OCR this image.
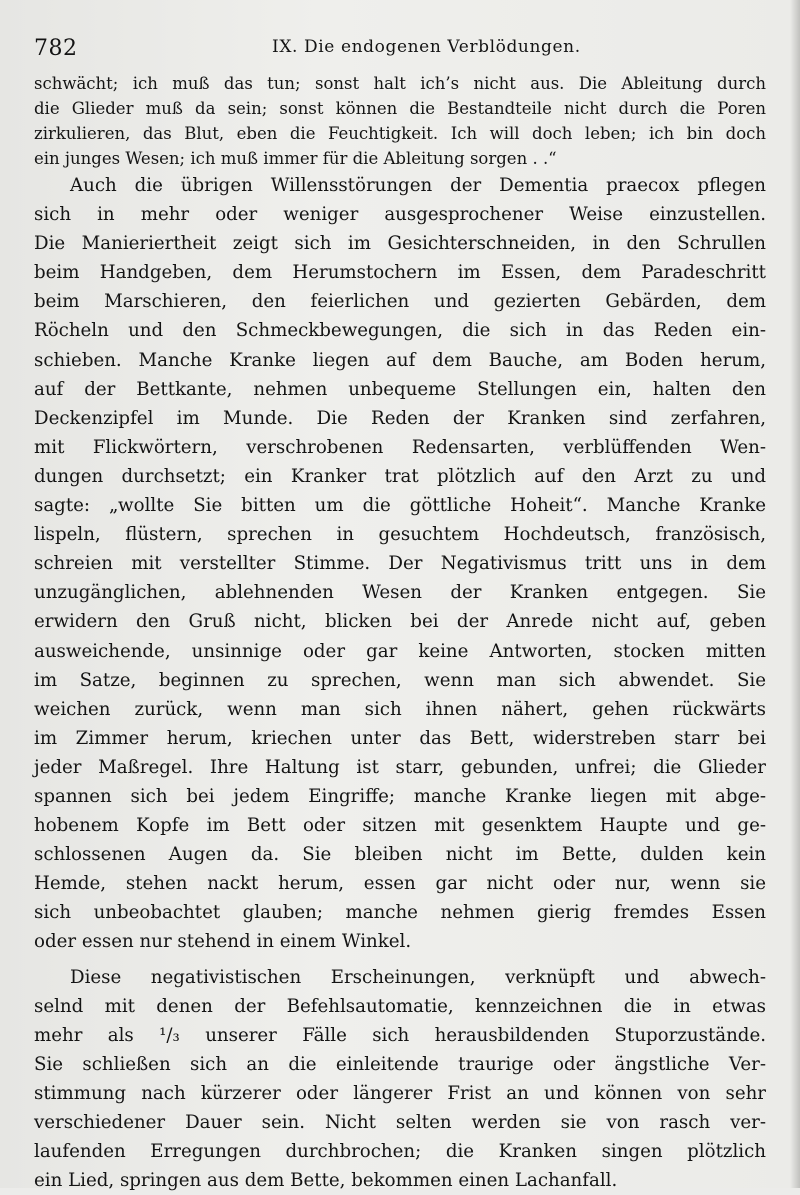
782	IX. Die endogenen Verblödungen.
schwächt; ich muß das tun; sonst halt ich’s nicht aus. Die Ableitung durch
die Glieder muß da sein; sonst können die Bestandteile nicht durch die Poren
zirkulieren, das Blut, eben die Feuchtigkeit. Ich will doch leben; ich bin doch
ein junges Wesen; ich muß immer für die Ableitung sorgen . .“
Auch die übrigen Willensstörungen der Dementia praecox pflegen
sich in mehr oder weniger ausgesprochener Weise einzustellen.
Die Manieriertheit zeigt sich im Gesichterschneiden, in den Schrullen
beim Handgeben, dem Herumstochern im Essen, dem Paradeschritt
beim Marschieren, den feierlichen und gezierten Gebärden, dem
Röcheln und den Schmeckbewegungen, die sich in das Reden ein-
schieben. Manche Kranke liegen auf dem Bauche, am Boden herum,
auf der Bettkante, nehmen unbequeme Stellungen ein, halten den
Deckenzipfel im Munde. Die Reden der Kranken sind zerfahren,
mit Flickwörtern, verschrobenen Redensarten, verblüffenden Wen-
dungen durchsetzt; ein Kranker trat plötzlich auf den Arzt zu und
sagte: „wollte Sie bitten um die göttliche Hoheit“. Manche Kranke
lispeln, flüstern, sprechen in gesuchtem Hochdeutsch, französisch,
schreien mit verstellter Stimme. Der Negativismus tritt uns in dem
unzugänglichen, ablehnenden Wesen der Kranken entgegen. Sie
erwidern den Gruß nicht, blicken bei der Anrede nicht auf, geben
ausweichende, unsinnige oder gar keine Antworten, stocken mitten
im Satze, beginnen zu sprechen, wenn man sich abwendet. Sie
weichen zurück, wenn man sich ihnen nähert, gehen rückwärts
im Zimmer herum, kriechen unter das Bett, widerstreben starr bei
jeder Maßregel. Ihre Haltung ist starr, gebunden, unfrei; die Glieder
spannen sich bei jedem Eingriffe; manche Kranke liegen mit abge-
hobenem Kopfe im Bett oder sitzen mit gesenktem Haupte und ge-
schlossenen Augen da. Sie bleiben nicht im Bette, dulden kein
Hemde, stehen nackt herum, essen gar nicht oder nur, wenn sie
sich unbeobachtet glauben; manche nehmen gierig fremdes Essen
oder essen nur stehend in einem Winkel.
Diese negativistischen Erscheinungen, verknüpft und abwech-
selnd mit denen der Befehlsautomatie, kennzeichnen die in etwas
mehr als ¹/₃ unserer Fälle sich herausbildenden Stuporzustände.
Sie schließen sich an die einleitende traurige oder ängstliche Ver-
stimmung nach kürzerer oder längerer Frist an und können von sehr
verschiedener Dauer sein. Nicht selten werden sie von rasch ver-
laufenden Erregungen durchbrochen; die Kranken singen plötzlich
ein Lied, springen aus dem Bette, bekommen einen Lachanfall.
